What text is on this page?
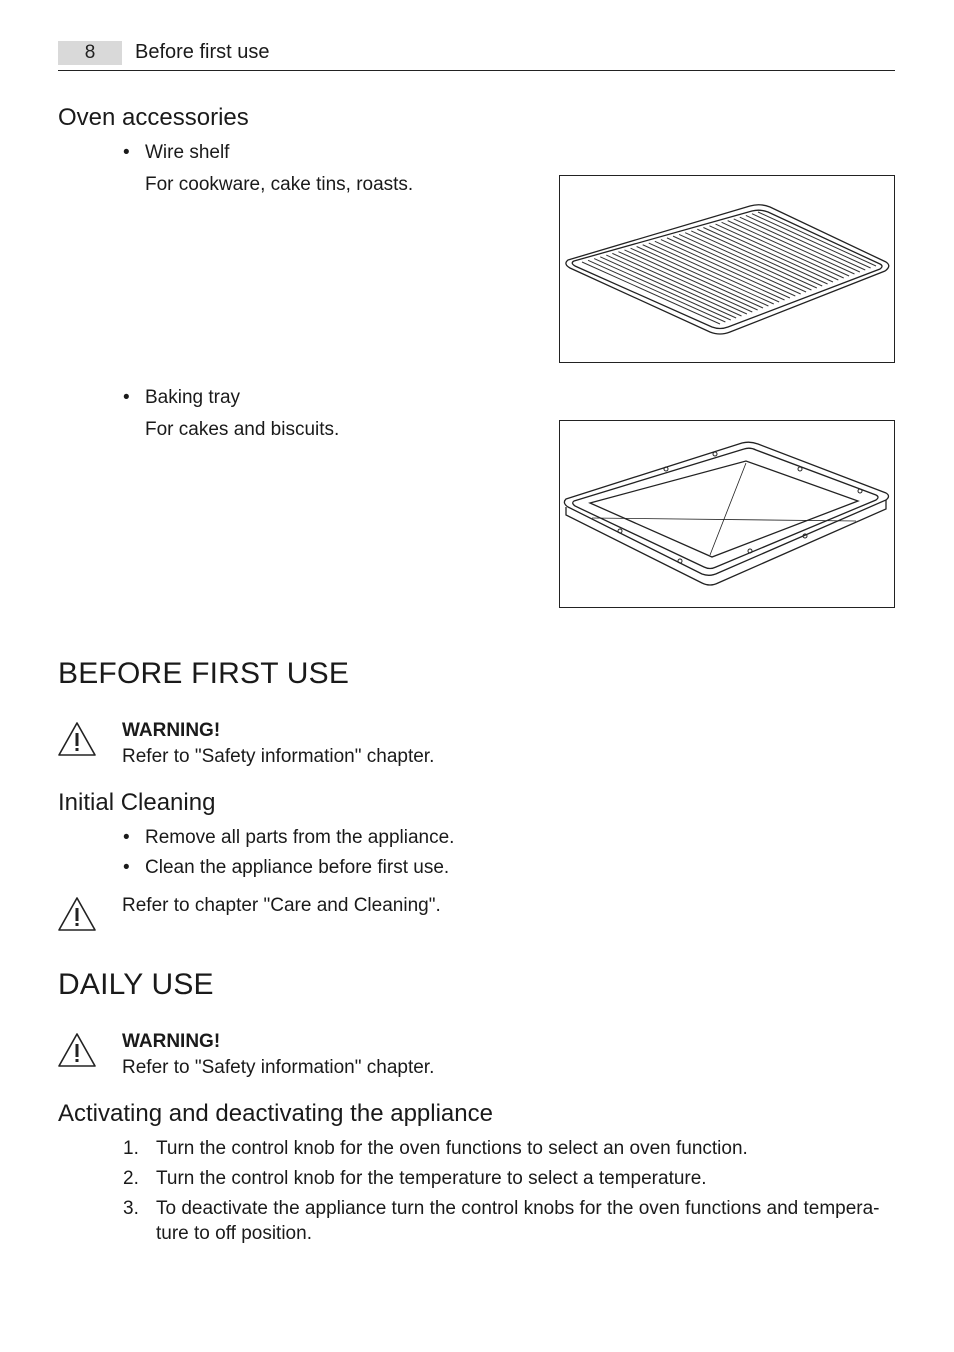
8	Before first use
Oven accessories
• Wire shelf
For cookware, cake tins, roasts.
• Baking tray
For cakes and biscuits.
BEFORE FIRST USE
WARNING!
Refer to "Safety information" chapter.
Initial Cleaning
• Remove all parts from the appliance.
• Clean the appliance before first use.
Refer to chapter "Care and Cleaning".
DAILY USE
WARNING!
Refer to "Safety information" chapter.
Activating and deactivating the appliance
1. Turn the control knob for the oven functions to select an oven function.
2. Turn the control knob for the temperature to select a temperature.
3. To deactivate the appliance turn the control knobs for the oven functions and tempera-
ture to off position.
